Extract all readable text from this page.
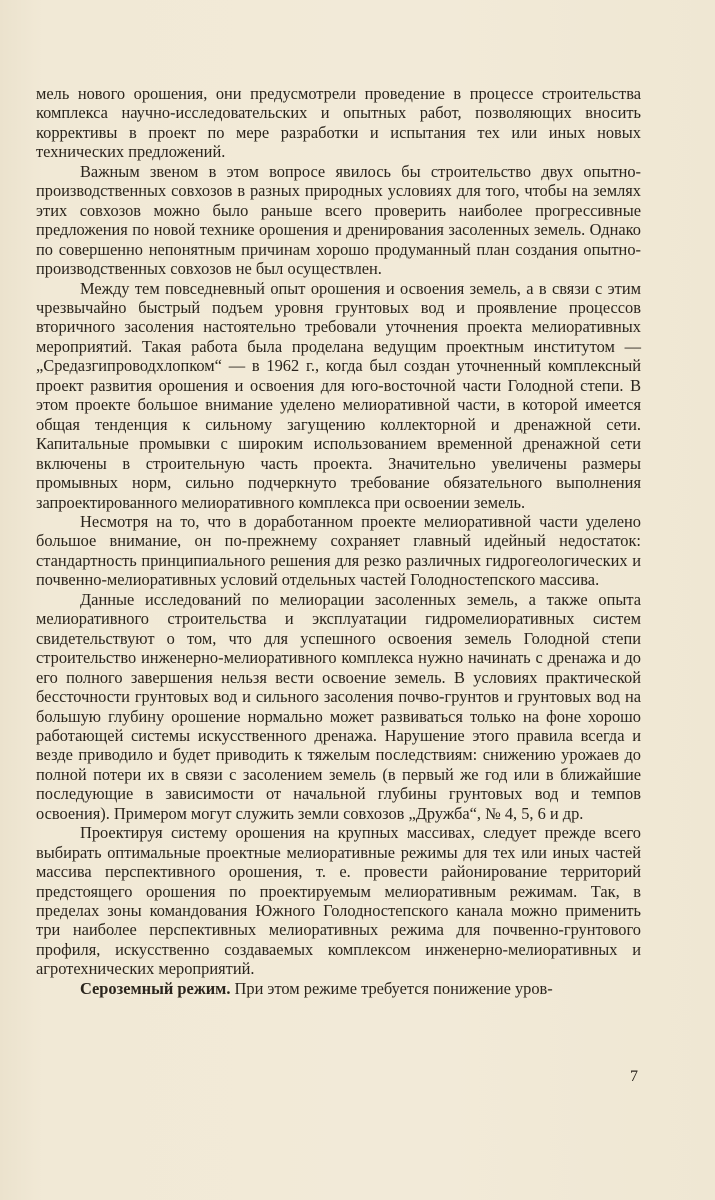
мель нового орошения, они предусмотрели проведение в процессе строительства комплекса научно-исследовательских и опытных работ, позволяющих вносить коррективы в проект по мере разработки и испытания тех или иных новых технических предложений.

Важным звеном в этом вопросе явилось бы строительство двух опытно-производственных совхозов в разных природных условиях для того, чтобы на землях этих совхозов можно было раньше всего проверить наиболее прогрессивные предложения по новой технике орошения и дренирования засоленных земель. Однако по совершенно непонятным причинам хорошо продуманный план создания опытно-производственных совхозов не был осуществлен.

Между тем повседневный опыт орошения и освоения земель, а в связи с этим чрезвычайно быстрый подъем уровня грунтовых вод и проявление процессов вторичного засоления настоятельно требовали уточнения проекта мелиоративных мероприятий. Такая работа была проделана ведущим проектным институтом — „Средазгипроводхлопком“ — в 1962 г., когда был создан уточненный комплексный проект развития орошения и освоения для юго-восточной части Голодной степи. В этом проекте большое внимание уделено мелиоративной части, в которой имеется общая тенденция к сильному загущению коллекторной и дренажной сети. Капитальные промывки с широким использованием временной дренажной сети включены в строительную часть проекта. Значительно увеличены размеры промывных норм, сильно подчеркнуто требование обязательного выполнения запроектированного мелиоративного комплекса при освоении земель.

Несмотря на то, что в доработанном проекте мелиоративной части уделено большое внимание, он по-прежнему сохраняет главный идейный недостаток: стандартность принципиального решения для резко различных гидрогеологических и почвенно-мелиоративных условий отдельных частей Голодностепского массива.

Данные исследований по мелиорации засоленных земель, а также опыта мелиоративного строительства и эксплуатации гидромелиоративных систем свидетельствуют о том, что для успешного освоения земель Голодной степи строительство инженерно-мелиоративного комплекса нужно начинать с дренажа и до его полного завершения нельзя вести освоение земель. В условиях практической бессточности грунтовых вод и сильного засоления почво-грунтов и грунтовых вод на большую глубину орошение нормально может развиваться только на фоне хорошо работающей системы искусственного дренажа. Нарушение этого правила всегда и везде приводило и будет приводить к тяжелым последствиям: снижению урожаев до полной потери их в связи с засолением земель (в первый же год или в ближайшие последующие в зависимости от начальной глубины грунтовых вод и темпов освоения). Примером могут служить земли совхозов „Дружба“, № 4, 5, 6 и др.

Проектируя систему орошения на крупных массивах, следует прежде всего выбирать оптимальные проектные мелиоративные режимы для тех или иных частей массива перспективного орошения, т. е. провести районирование территорий предстоящего орошения по проектируемым мелиоративным режимам. Так, в пределах зоны командования Южного Голодностепского канала можно применить три наиболее перспективных мелиоративных режима для почвенно-грунтового профиля, искусственно создаваемых комплексом инженерно-мелиоративных и агротехнических мероприятий.

Сероземный режим. При этом режиме требуется понижение уров-

7
